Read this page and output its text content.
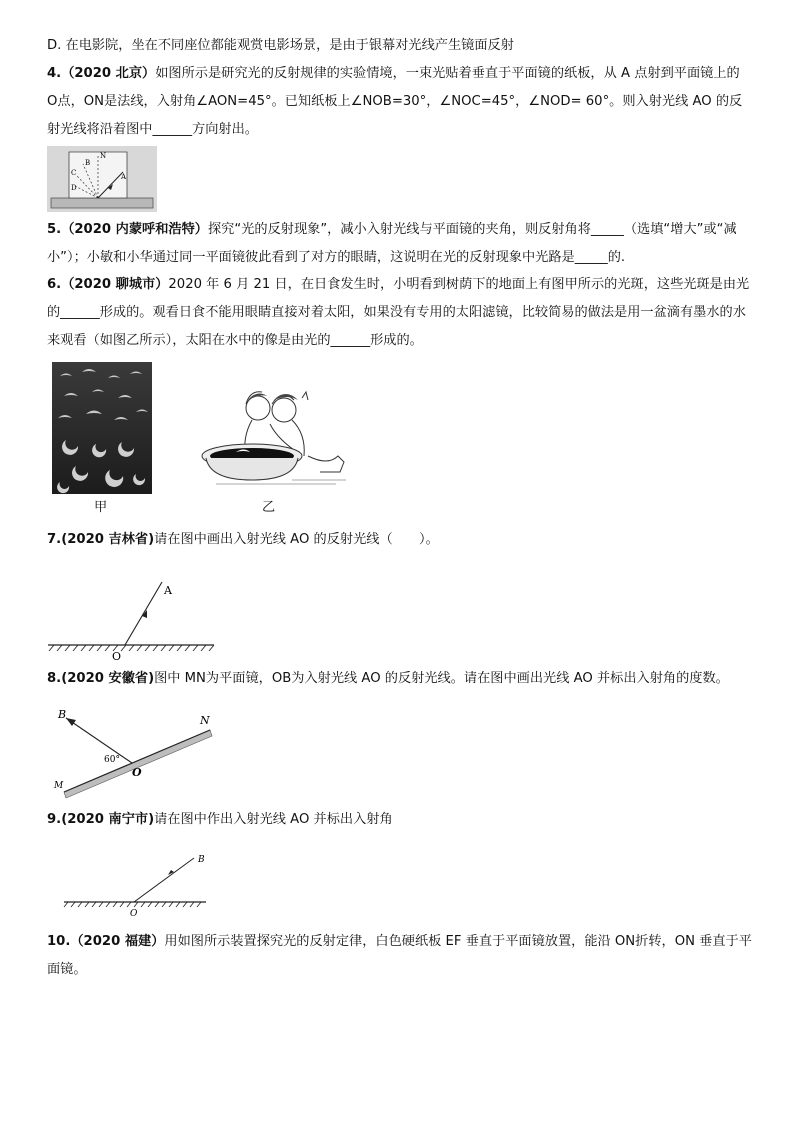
D. 在电影院，坐在不同座位都能观赏电影场景，是由于银幕对光线产生镜面反射
4.（2020 北京）如图所示是研究光的反射规律的实验情境，一束光贴着垂直于平面镜的纸板，从 A 点射到平面镜上的 O点，ON是法线，入射角∠AON=45°。已知纸板上∠NOB=30°，∠NOC=45°，∠NOD= 60°。则入射光线 AO 的反射光线将沿着图中______方向射出。
N
B
C
D
A
5.（2020 内蒙呼和浩特）探究“光的反射现象”，减小入射光线与平面镜的夹角，则反射角将_____（选填“增大”或“减小”）；小敏和小华通过同一平面镜彼此看到了对方的眼睛，这说明在光的反射现象中光路是_____的.
6.（2020 聊城市）2020 年 6 月 21 日，在日食发生时，小明看到树荫下的地面上有图甲所示的光斑，这些光斑是由光的______形成的。观看日食不能用眼睛直接对着太阳，如果没有专用的太阳滤镜，比较简易的做法是用一盆滴有墨水的水来观看（如图乙所示），太阳在水中的像是由光的______形成的。
甲	乙
7.(2020 吉林省)请在图中画出入射光线 AO 的反射光线（　　）。
A
O
8.(2020 安徽省)图中 MN为平面镜，OB为入射光线 AO 的反射光线。请在图中画出光线 AO 并标出入射角的度数。
B	N
M
O
60°
9.(2020 南宁市)请在图中作出入射光线 AO 并标出入射角
B
O
10.（2020 福建）用如图所示装置探究光的反射定律，白色硬纸板 EF 垂直于平面镜放置，能沿 ON折转，ON 垂直于平面镜。
